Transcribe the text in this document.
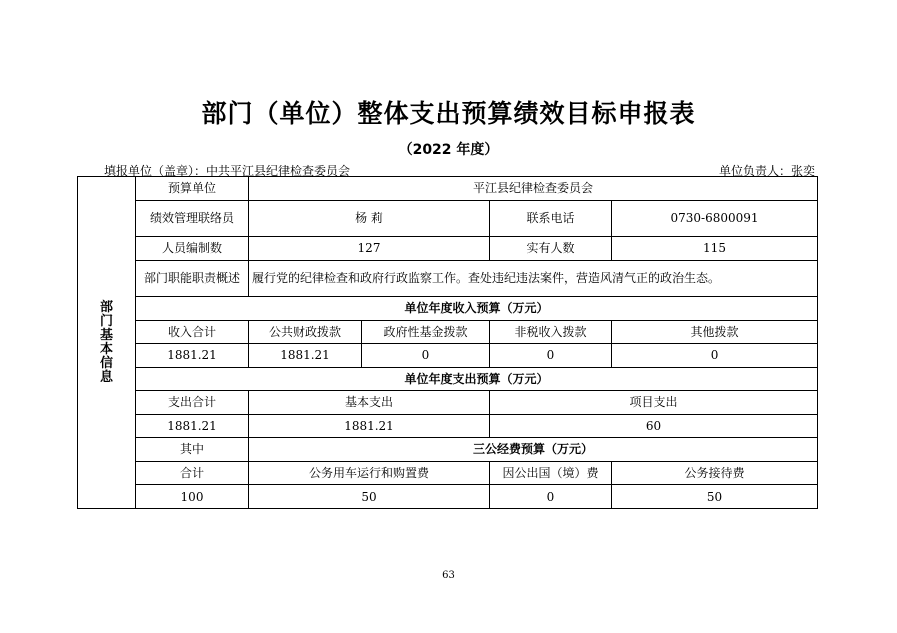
部门（单位）整体支出预算绩效目标申报表
（2022 年度）
填报单位（盖章）：中共平江县纪律检查委员会	单位负责人：张奕
部门基本信息	预算单位	平江县纪律检查委员会			
	绩效管理联络员	杨 莉		联系电话	0730-6800091
	人员编制数	127		实有人数	115
	部门职能职责概述	履行党的纪律检查和政府行政监察工作。查处违纪违法案件，营造风清气正的政治生态。			
	单位年度收入预算（万元）				
	收入合计	公共财政拨款	政府性基金拨款	非税收入拨款	其他拨款
	1881.21	1881.21	0	0	0
	单位年度支出预算（万元）				
	支出合计	基本支出		项目支出	
	1881.21	1881.21		60	
	其中	三公经费预算（万元）			
	合计	公务用车运行和购置费		因公出国（境）费	公务接待费
	100	50		0	50
63
